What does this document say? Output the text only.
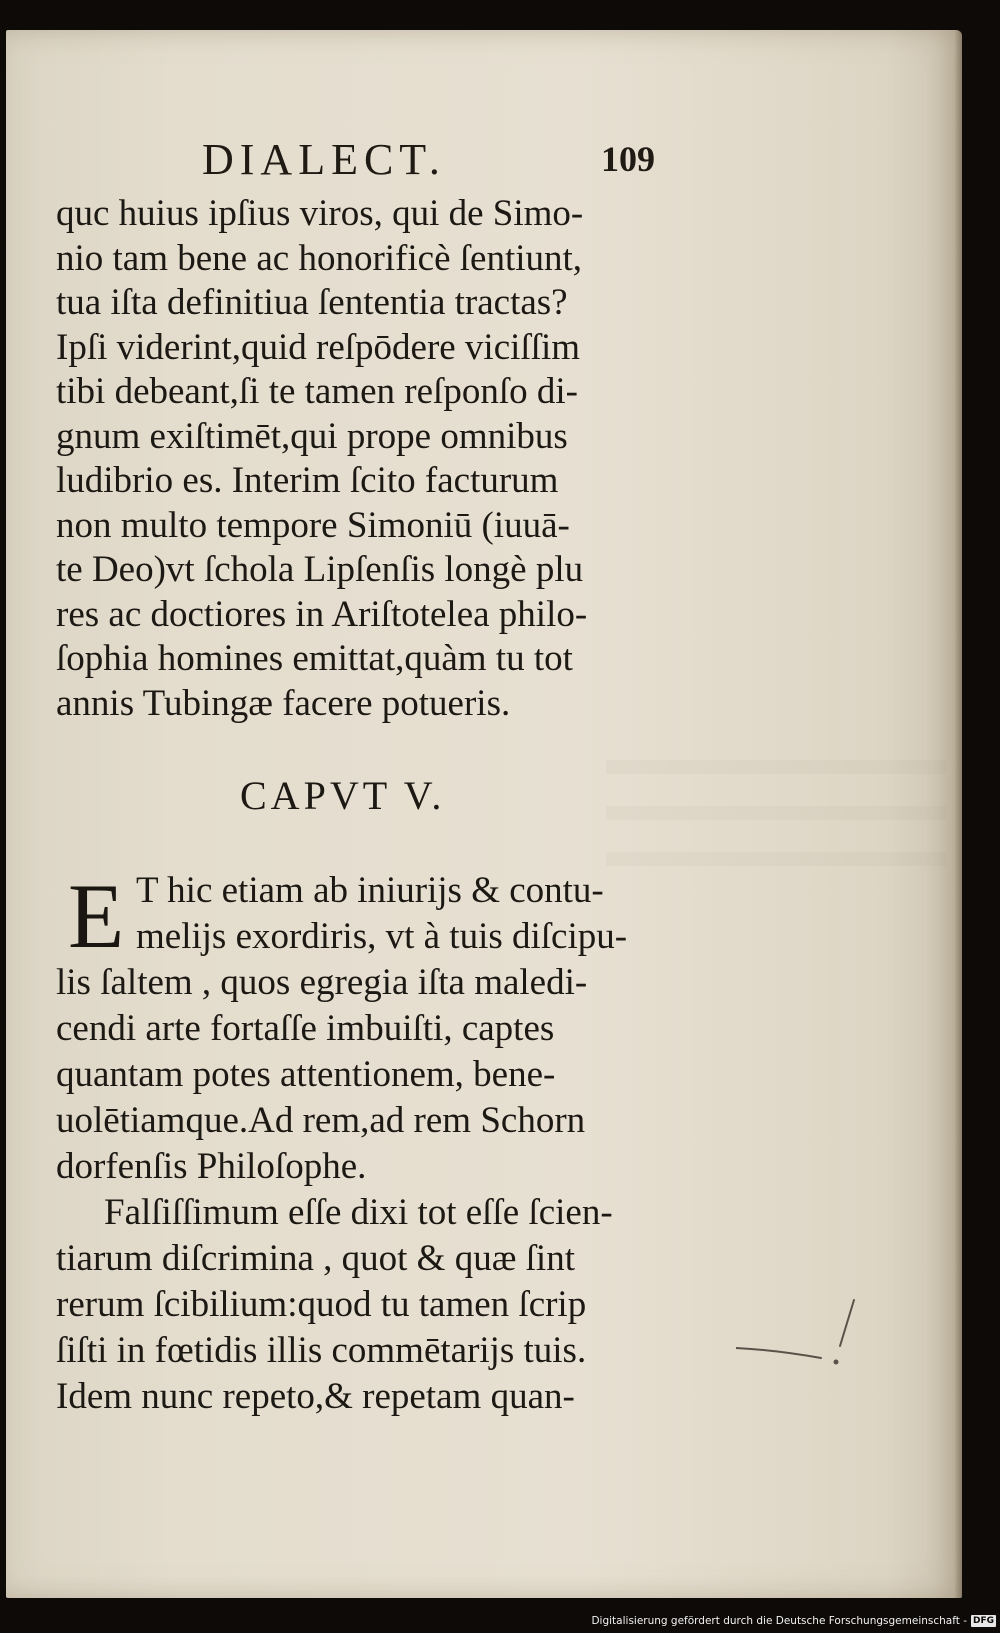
DIALECT.	109
quc huius ipſius viros, qui de Simo-
nio tam bene ac honorificè ſentiunt,
tua iſta definitiua ſententia tractas?
Ipſi viderint,quid reſpōdere viciſſim
tibi debeant,ſi te tamen reſponſo di-
gnum exiſtimēt,qui prope omnibus
ludibrio es. Interim ſcito facturum
non multo tempore Simoniū (iuuā-
te Deo)vt ſchola Lipſenſis longè plu
res ac doctiores in Ariſtotelea philo-
ſophia homines emittat,quàm tu tot
annis Tubingæ facere potueris.
CAPVT V.
E T hic etiam ab iniurĳs & contu-
melĳs exordiris, vt à tuis diſcipu-
lis ſaltem , quos egregia iſta maledi-
cendi arte fortaſſe imbuiſti, captes
quantam potes attentionem, bene-
uolētiamque.Ad rem,ad rem Schorn
dorfenſis Philoſophe.
Falſiſſimum eſſe dixi tot eſſe ſcien-
tiarum diſcrimina , quot & quæ ſint
rerum ſcibilium:quod tu tamen ſcrip
ſiſti in fœtidis illis commētarĳs tuis.
Idem nunc repeto,& repetam quan-
Digitalisierung gefördert durch die Deutsche Forschungsgemeinschaft - DFG
